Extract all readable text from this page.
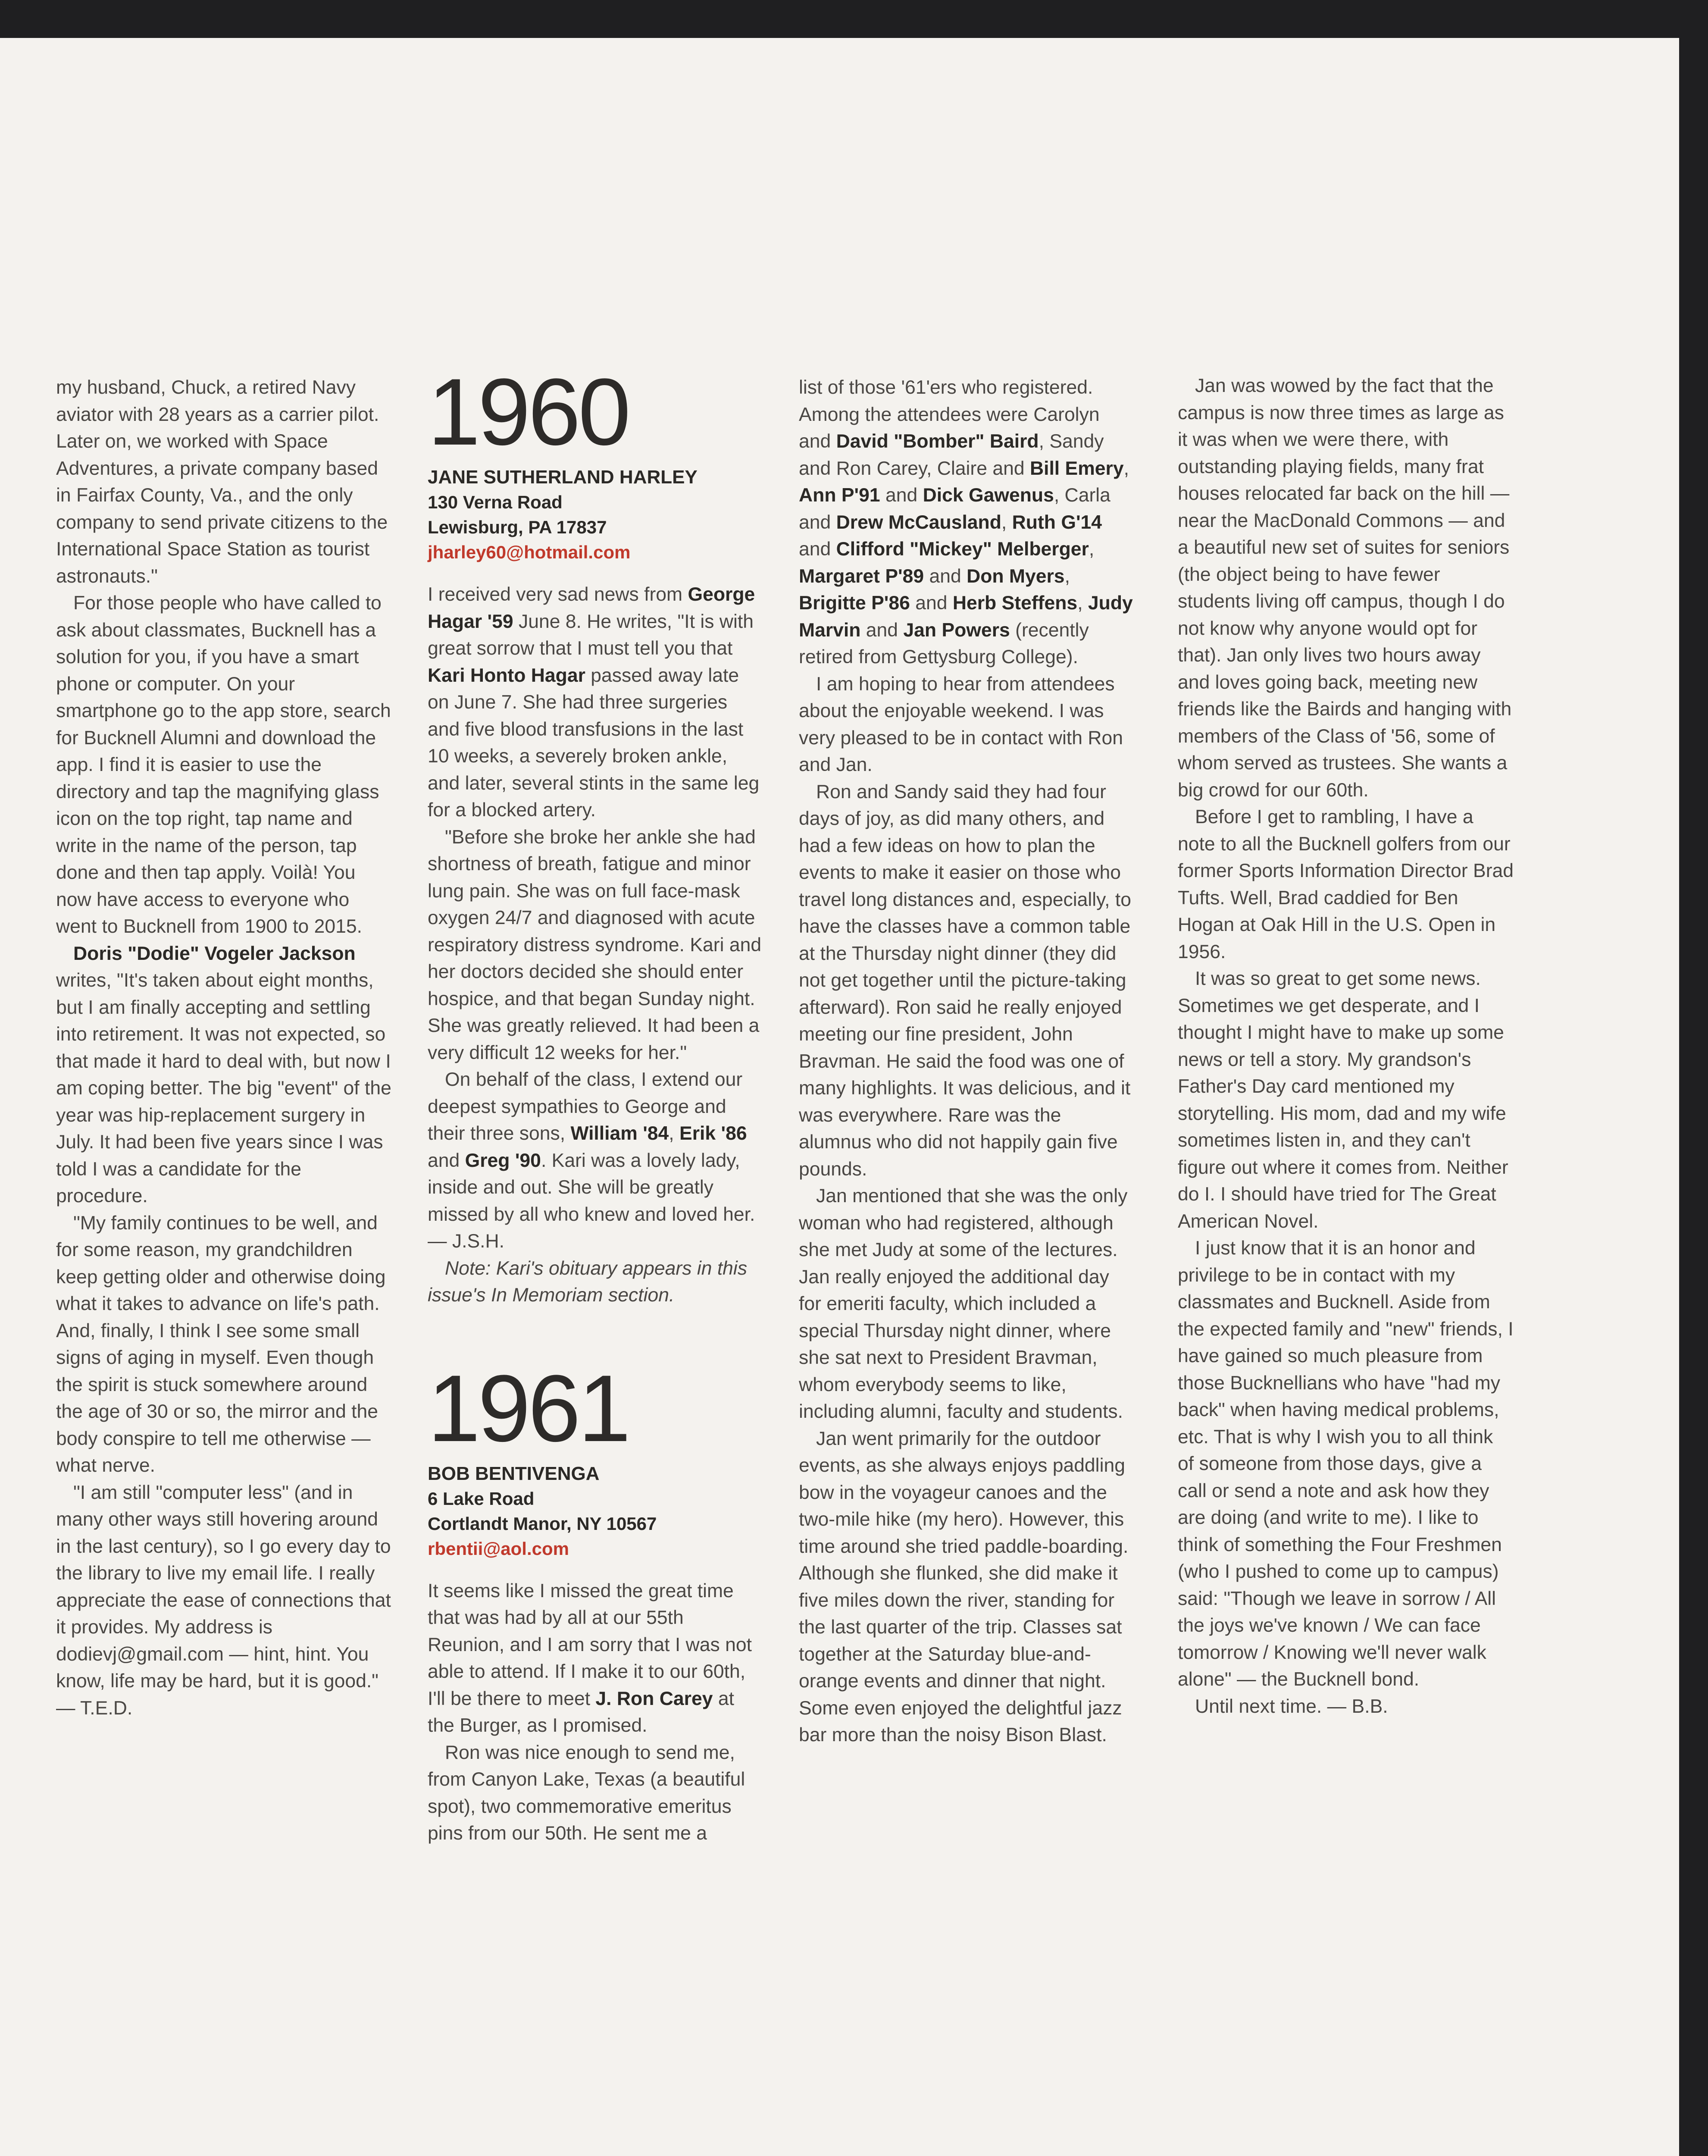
my husband, Chuck, a retired Navy aviator with 28 years as a carrier pilot. Later on, we worked with Space Adventures, a private company based in Fairfax County, Va., and the only company to send private citizens to the International Space Station as tourist astronauts."

For those people who have called to ask about classmates, Bucknell has a solution for you, if you have a smart phone or computer. On your smartphone go to the app store, search for Bucknell Alumni and download the app. I find it is easier to use the directory and tap the magnifying glass icon on the top right, tap name and write in the name of the person, tap done and then tap apply. Voilà! You now have access to everyone who went to Bucknell from 1900 to 2015.

Doris "Dodie" Vogeler Jackson writes, "It's taken about eight months, but I am finally accepting and settling into retirement. It was not expected, so that made it hard to deal with, but now I am coping better. The big "event" of the year was hip-replacement surgery in July. It had been five years since I was told I was a candidate for the procedure.

"My family continues to be well, and for some reason, my grandchildren keep getting older and otherwise doing what it takes to advance on life's path. And, finally, I think I see some small signs of aging in myself. Even though the spirit is stuck somewhere around the age of 30 or so, the mirror and the body conspire to tell me otherwise — what nerve.

"I am still "computer less" (and in many other ways still hovering around in the last century), so I go every day to the library to live my email life. I really appreciate the ease of connections that it provides. My address is dodievj@gmail.com — hint, hint. You know, life may be hard, but it is good." — T.E.D.

1960
JANE SUTHERLAND HARLEY
130 Verna Road
Lewisburg, PA 17837
jharley60@hotmail.com

I received very sad news from George Hagar '59 June 8. He writes, "It is with great sorrow that I must tell you that Kari Honto Hagar passed away late on June 7. She had three surgeries and five blood transfusions in the last 10 weeks, a severely broken ankle, and later, several stints in the same leg for a blocked artery.

"Before she broke her ankle she had shortness of breath, fatigue and minor lung pain. She was on full face-mask oxygen 24/7 and diagnosed with acute respiratory distress syndrome. Kari and her doctors decided she should enter hospice, and that began Sunday night. She was greatly relieved. It had been a very difficult 12 weeks for her."

On behalf of the class, I extend our deepest sympathies to George and their three sons, William '84, Erik '86 and Greg '90. Kari was a lovely lady, inside and out. She will be greatly missed by all who knew and loved her. — J.S.H.

Note: Kari's obituary appears in this issue's In Memoriam section.

1961
BOB BENTIVENGA
6 Lake Road
Cortlandt Manor, NY 10567
rbentii@aol.com

It seems like I missed the great time that was had by all at our 55th Reunion, and I am sorry that I was not able to attend. If I make it to our 60th, I'll be there to meet J. Ron Carey at the Burger, as I promised.

Ron was nice enough to send me, from Canyon Lake, Texas (a beautiful spot), two commemorative emeritus pins from our 50th. He sent me a

list of those '61'ers who registered. Among the attendees were Carolyn and David "Bomber" Baird, Sandy and Ron Carey, Claire and Bill Emery, Ann P'91 and Dick Gawenus, Carla and Drew McCausland, Ruth G'14 and Clifford "Mickey" Melberger, Margaret P'89 and Don Myers, Brigitte P'86 and Herb Steffens, Judy Marvin and Jan Powers (recently retired from Gettysburg College).

I am hoping to hear from attendees about the enjoyable weekend. I was very pleased to be in contact with Ron and Jan.

Ron and Sandy said they had four days of joy, as did many others, and had a few ideas on how to plan the events to make it easier on those who travel long distances and, especially, to have the classes have a common table at the Thursday night dinner (they did not get together until the picture-taking afterward). Ron said he really enjoyed meeting our fine president, John Bravman. He said the food was one of many highlights. It was delicious, and it was everywhere. Rare was the alumnus who did not happily gain five pounds.

Jan mentioned that she was the only woman who had registered, although she met Judy at some of the lectures. Jan really enjoyed the additional day for emeriti faculty, which included a special Thursday night dinner, where she sat next to President Bravman, whom everybody seems to like, including alumni, faculty and students.

Jan went primarily for the outdoor events, as she always enjoys paddling bow in the voyageur canoes and the two-mile hike (my hero). However, this time around she tried paddle-boarding. Although she flunked, she did make it five miles down the river, standing for the last quarter of the trip. Classes sat together at the Saturday blue-and-orange events and dinner that night. Some even enjoyed the delightful jazz bar more than the noisy Bison Blast.

Jan was wowed by the fact that the campus is now three times as large as it was when we were there, with outstanding playing fields, many frat houses relocated far back on the hill — near the MacDonald Commons — and a beautiful new set of suites for seniors (the object being to have fewer students living off campus, though I do not know why anyone would opt for that). Jan only lives two hours away and loves going back, meeting new friends like the Bairds and hanging with members of the Class of '56, some of whom served as trustees. She wants a big crowd for our 60th.

Before I get to rambling, I have a note to all the Bucknell golfers from our former Sports Information Director Brad Tufts. Well, Brad caddied for Ben Hogan at Oak Hill in the U.S. Open in 1956.

It was so great to get some news. Sometimes we get desperate, and I thought I might have to make up some news or tell a story. My grandson's Father's Day card mentioned my storytelling. His mom, dad and my wife sometimes listen in, and they can't figure out where it comes from. Neither do I. I should have tried for The Great American Novel.

I just know that it is an honor and privilege to be in contact with my classmates and Bucknell. Aside from the expected family and "new" friends, I have gained so much pleasure from those Bucknellians who have "had my back" when having medical problems, etc. That is why I wish you to all think of someone from those days, give a call or send a note and ask how they are doing (and write to me). I like to think of something the Four Freshmen (who I pushed to come up to campus) said: "Though we leave in sorrow / All the joys we've known / We can face tomorrow / Knowing we'll never walk alone" — the Bucknell bond.

Until next time. — B.B.
